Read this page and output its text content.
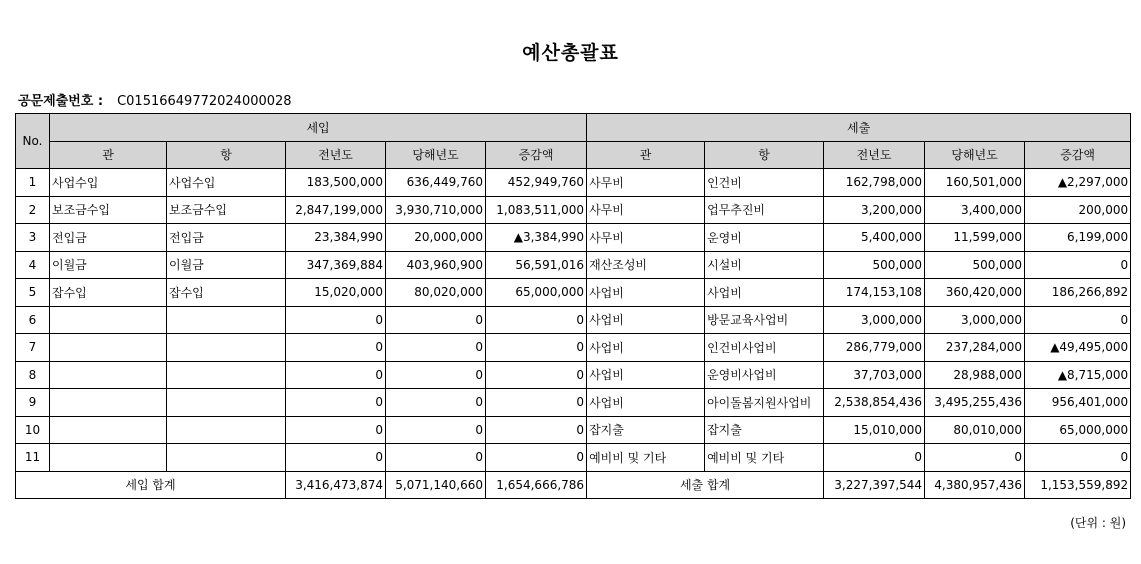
예산총괄표
공문제출번호 : C01516649772024000028
No.	세입					세출				
	관	항	전년도	당해년도	증감액	관	항	전년도	당해년도	증감액
1	사업수입	사업수입	183,500,000	636,449,760	452,949,760	사무비	인건비	162,798,000	160,501,000	▲2,297,000
2	보조금수입	보조금수입	2,847,199,000	3,930,710,000	1,083,511,000	사무비	업무추진비	3,200,000	3,400,000	200,000
3	전입금	전입금	23,384,990	20,000,000	▲3,384,990	사무비	운영비	5,400,000	11,599,000	6,199,000
4	이월금	이월금	347,369,884	403,960,900	56,591,016	재산조성비	시설비	500,000	500,000	0
5	잡수입	잡수입	15,020,000	80,020,000	65,000,000	사업비	사업비	174,153,108	360,420,000	186,266,892
6			0	0	0	사업비	방문교육사업비	3,000,000	3,000,000	0
7			0	0	0	사업비	인건비사업비	286,779,000	237,284,000	▲49,495,000
8			0	0	0	사업비	운영비사업비	37,703,000	28,988,000	▲8,715,000
9			0	0	0	사업비	아이돌봄지원사업비	2,538,854,436	3,495,255,436	956,401,000
10			0	0	0	잡지출	잡지출	15,010,000	80,010,000	65,000,000
11			0	0	0	예비비 및 기타	예비비 및 기타	0	0	0
세입 합계			3,416,473,874	5,071,140,660	1,654,666,786	세출 합계		3,227,397,544	4,380,957,436	1,153,559,892
(단위 : 원)
